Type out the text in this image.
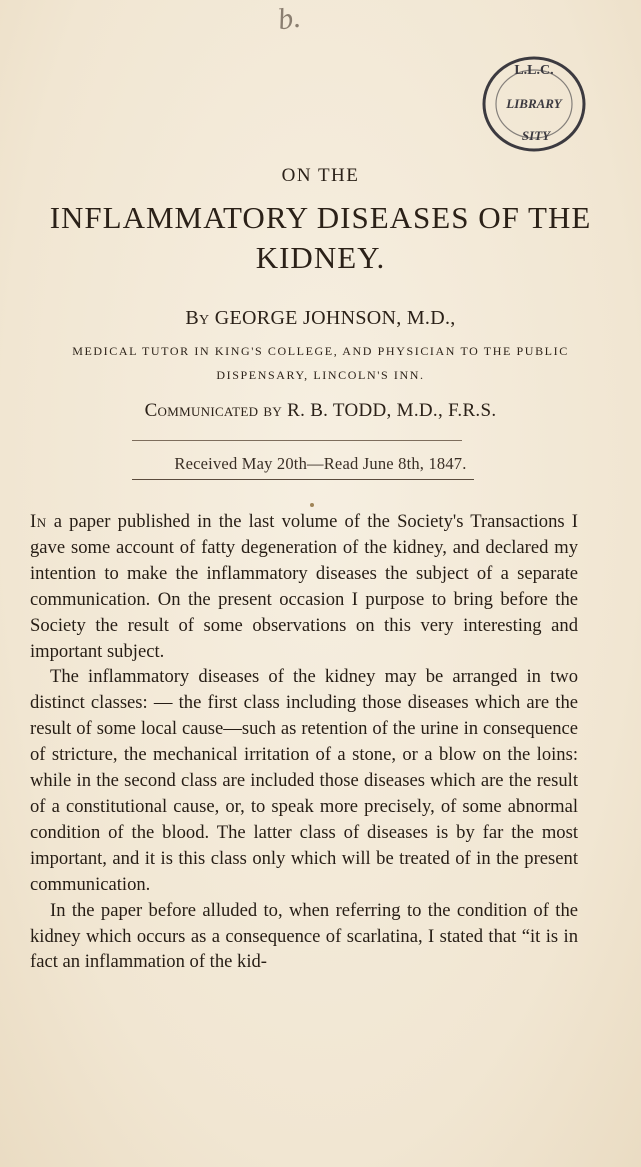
b.
L.L.C.
LIBRARY
SITY
ON THE
INFLAMMATORY DISEASES OF THE
KIDNEY.
By GEORGE JOHNSON, M.D.,
MEDICAL TUTOR IN KING'S COLLEGE, AND PHYSICIAN TO THE PUBLIC
DISPENSARY, LINCOLN'S INN.
Communicated by R. B. TODD, M.D., F.R.S.
Received May 20th—Read June 8th, 1847.

In a paper published in the last volume of the Society's Transactions I gave some account of fatty degeneration of the kidney, and declared my intention to make the inflammatory diseases the subject of a separate communication. On the present occasion I purpose to bring before the Society the result of some observations on this very interesting and important subject.

The inflammatory diseases of the kidney may be arranged in two distinct classes: — the first class including those diseases which are the result of some local cause—such as retention of the urine in consequence of stricture, the mechanical irritation of a stone, or a blow on the loins: while in the second class are included those diseases which are the result of a constitutional cause, or, to speak more precisely, of some abnormal condition of the blood. The latter class of diseases is by far the most important, and it is this class only which will be treated of in the present communication.

In the paper before alluded to, when referring to the condition of the kidney which occurs as a consequence of scarlatina, I stated that “it is in fact an inflammation of the kid-
